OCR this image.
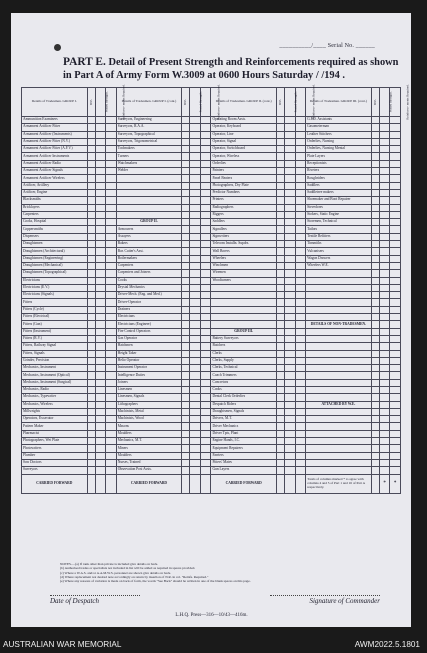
__________/____ Serial No. ______
PART E. Detail of Present Strength and Reinforcements required as shown in Part A of Army Form W.3009 at 0600 Hours Saturday / /194 .
Details of Tradesmen. GROUP I.	W.E.	Posted Strength.	Reinforce- ments Required.	Details of Tradesmen. GROUP I. (cont.)	W.E.	Posted Strength.	Reinforce- ments Required.	Details of Tradesmen. GROUP II. (cont.)	W.E.	Posted Strength.	Reinforce- ments Required.	Details of Tradesmen. GROUP III. (cont.)	W.E.	Posted Strength.	Reinforce- ments Required.
Ammunition Examiners				Surveyors, Engineering				Operating Room Assts.				G.P.O. Assistants			
Armament Artificer Fitter				Surveyors, R.A.A.				Operator, Keyboard				Gasometerman			
Armament Artificer (Instruments)				Surveyors, Topographical				Operator, Line				Leather Stitchers			
Armament Artificer Fitter (N.V.)				Surveyors, Trigonometrical				Operator, Signal				Orderlies, Nursing			
Armament Artificer Fitter (A.F.V.)				Toolmakers				Operator, Switchboard				Orderlies, Nursing Mental			
Armament Artificer Instruments				Turners				Operator, Wireless				Plate Layers			
Armament Artificer Radio				Watchmakers				Orderlies				Receptionists			
Armament Artificer Signals				Welder				Painters				Riveters			
Armament Artificer Wireless								Panel Beaters				Roughriders			
Artificer, Artillery								Photographers, Dry Plate				Saddlers			
Artificer, Engine								Predictor Numbers				Saddletree makers			
Blacksmiths								Printers				Shoemaker and Boot Repairer			
Bricklayers								Radiographers				Stevedores			
Carpenters								Riggers				Stokers, Static Engine			
Cooks, Hospital				GROUP II.				Saddlers				Storemen, Technical			
Coppersmiths				Armourers				Signallers				Tailors			
Dispensers				Assayers				Signwriters				Textile Refitters			
Draughtsmen				Bakers				Telecom Installn. Supdrs.				Tinsmiths			
Draughtsmen (Architectural)				Bar. Cutter's Asst.				Wall Borers				Vulcanisers			
Draughtsmen (Engineering)				Boilermakers				Wheelers				Wagon Drawers			
Draughtsmen (Mechanical)				Carpenters				Winchmen				Wheelers W.E.			
Draughtsmen (Topographical)				Carpenters and Joiners				Wiremen							
Electricians				Cooks				Woodturners							
Electricians (E.V.)				Drystal Mechanics											
Electricians (Signals)				Driver-Mech. (Eng. and Med.)											
Fitters				Driver-Operator											
Fitters (Cycle)				Drainers											
Fitters (Electrical)				Electricians											
Fitters (Gun)				Electricians (Engineer)								DETAILS OF NON-TRADESMEN.			
Fitters (Instrument)				Fire Control Operators				GROUP III.							
Fitters (R.V.)				Gas Operator				Battery Surveyors							
Fitters, Railway Signal				Hatchmen				Butchers							
Fitters, Signals				Height Taker				Clerks							
Grinder, Precision				Helio Operator				Clerks, Supply							
Mechanics, Instrument				Instrument Operator				Clerks, Technical							
Mechanics, Instrument (Optical)				Intelligence Duties				Coach Trimmers							
Mechanics, Instrument (Surgical)				Joiners				Concretors							
Mechanics, Radio				Linesmen				Cooks							
Mechanics, Typewriter				Linesmen, Signals				Dental Clerk Orderlies							
Mechanics, Wireless				Lithographers				Despatch Riders				ATTACHED BY W.E.			
Millwrights				Machinists, Metal				Draughtsmen, Signals							
Operators, Excavator				Machinists, Wood				Drivers, M.T.							
Pattern Maker				Masons				Driver Mechanics							
Pharmacist				Moulders				Driver Tpts, Plant							
Photographers, Wet Plate				Mechanics, M.T.				Engine Hands, I.C.							
Photowriters				Miners				Equipment Repairers							
Plumber				Moulders				Farriers							
Saw Doctors				Nurses, Trained				Fitters' Mates							
Surveyors				Observation Post Assts.				Gun Layers							
CARRIED FORWARD				CARRIED FORWARD				CARRIED FORWARD				Totals of columns marked * to agree with columns 4 and 5 of Part 1 and 16 of Part A respectively.		*	*
NOTES.—(a) If rank other than private is included give details on back.
(b) Authorised trades or specialists not included in list will be added as required in spaces provided.
(c) Where a W.A.S. and/or A.A.M.W.S. personnel are shown give details on back.
(d) Where replacement not desired note accordingly on return by insertion of N.R. in col. "Reinfs. Required."
(e) Where any reasons of variation is made on back of form, the words "See Back" should be written in one of the blank spaces on this page.
Date of Despatch	Signature of Commander
L.H.Q. Press—316—10/43—416m.
AUSTRALIAN WAR MEMORIAL	AWM2022.5.1801
